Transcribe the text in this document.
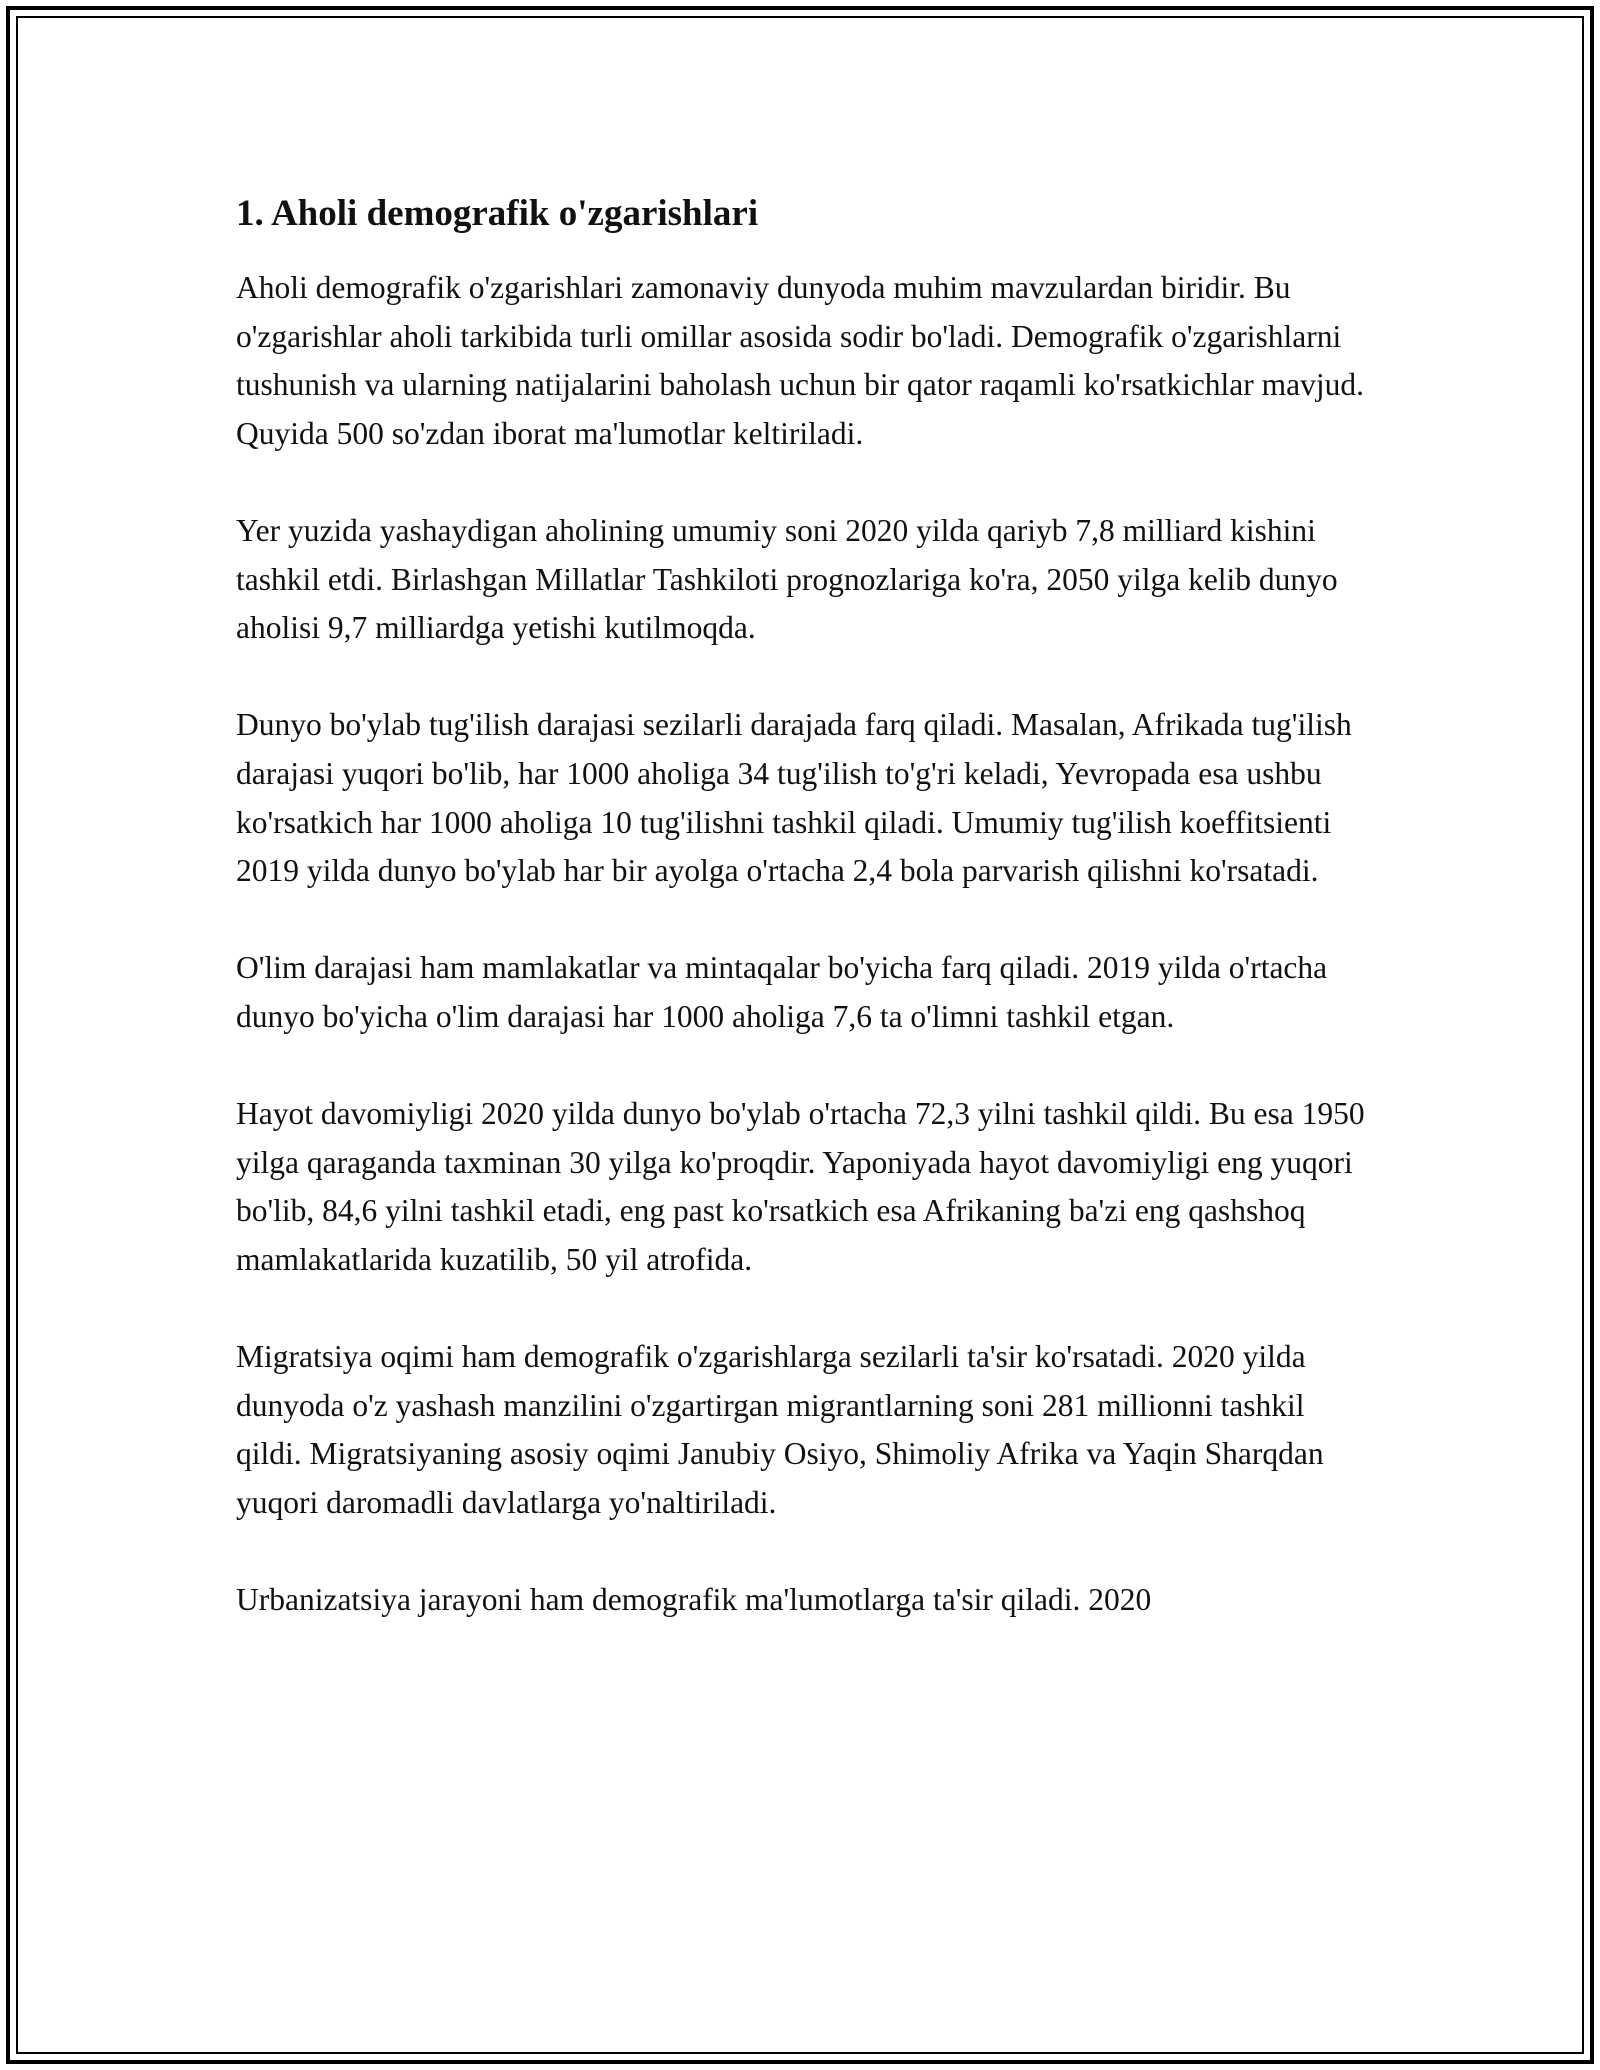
1. Aholi demografik o'zgarishlari

Aholi demografik o'zgarishlari zamonaviy dunyoda muhim mavzulardan biridir. Bu o'zgarishlar aholi tarkibida turli omillar asosida sodir bo'ladi. Demografik o'zgarishlarni tushunish va ularning natijalarini baholash uchun bir qator raqamli ko'rsatkichlar mavjud. Quyida 500 so'zdan iborat ma'lumotlar keltiriladi.

Yer yuzida yashaydigan aholining umumiy soni 2020 yilda qariyb 7,8 milliard kishini tashkil etdi. Birlashgan Millatlar Tashkiloti prognozlariga ko'ra, 2050 yilga kelib dunyo aholisi 9,7 milliardga yetishi kutilmoqda.

Dunyo bo'ylab tug'ilish darajasi sezilarli darajada farq qiladi. Masalan, Afrikada tug'ilish darajasi yuqori bo'lib, har 1000 aholiga 34 tug'ilish to'g'ri keladi, Yevropada esa ushbu ko'rsatkich har 1000 aholiga 10 tug'ilishni tashkil qiladi. Umumiy tug'ilish koeffitsienti 2019 yilda dunyo bo'ylab har bir ayolga o'rtacha 2,4 bola parvarish qilishni ko'rsatadi.

O'lim darajasi ham mamlakatlar va mintaqalar bo'yicha farq qiladi. 2019 yilda o'rtacha dunyo bo'yicha o'lim darajasi har 1000 aholiga 7,6 ta o'limni tashkil etgan.

Hayot davomiyligi 2020 yilda dunyo bo'ylab o'rtacha 72,3 yilni tashkil qildi. Bu esa 1950 yilga qaraganda taxminan 30 yilga ko'proqdir. Yaponiyada hayot davomiyligi eng yuqori bo'lib, 84,6 yilni tashkil etadi, eng past ko'rsatkich esa Afrikaning ba'zi eng qashshoq mamlakatlarida kuzatilib, 50 yil atrofida.

Migratsiya oqimi ham demografik o'zgarishlarga sezilarli ta'sir ko'rsatadi. 2020 yilda dunyoda o'z yashash manzilini o'zgartirgan migrantlarning soni 281 millionni tashkil qildi. Migratsiyaning asosiy oqimi Janubiy Osiyo, Shimoliy Afrika va Yaqin Sharqdan yuqori daromadli davlatlarga yo'naltiriladi.

Urbanizatsiya jarayoni ham demografik ma'lumotlarga ta'sir qiladi. 2020
